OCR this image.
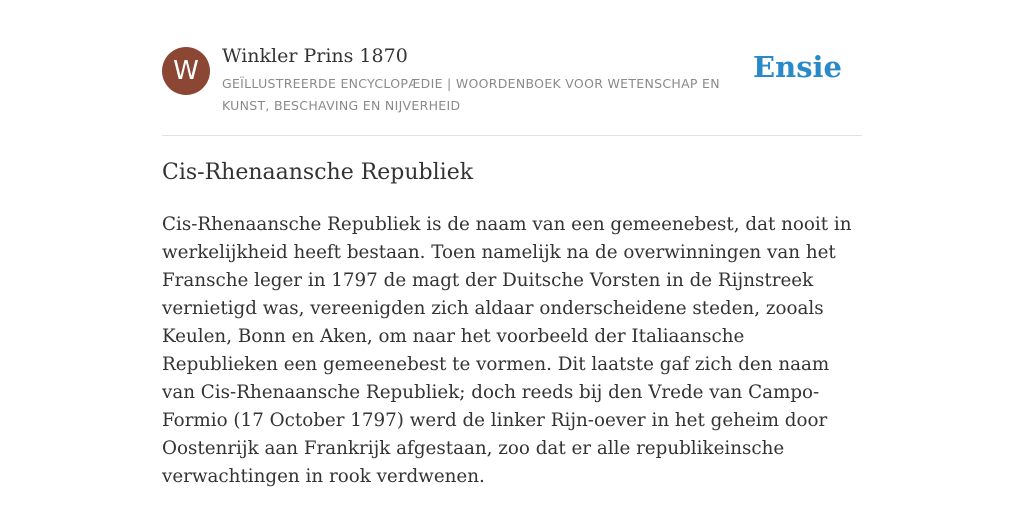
W	Winkler Prins 1870
GEÏLLUSTREERDE ENCYCLOPÆDIE | WOORDENBOEK VOOR WETENSCHAP EN KUNST, BESCHAVING EN NIJVERHEID
Ensie
Cis-Rhenaansche Republiek

Cis-Rhenaansche Republiek is de naam van een gemeenebest, dat nooit in werkelijkheid heeft bestaan. Toen namelijk na de overwinningen van het Fransche leger in 1797 de magt der Duitsche Vorsten in de Rijnstreek vernietigd was, vereenigden zich aldaar onderscheidene steden, zooals Keulen, Bonn en Aken, om naar het voorbeeld der Italiaansche Republieken een gemeenebest te vormen. Dit laatste gaf zich den naam van Cis-Rhenaansche Republiek; doch reeds bij den Vrede van Campo-Formio (17 October 1797) werd de linker Rijn-oever in het geheim door Oostenrijk aan Frankrijk afgestaan, zoo dat er alle republikeinsche verwachtingen in rook verdwenen.
